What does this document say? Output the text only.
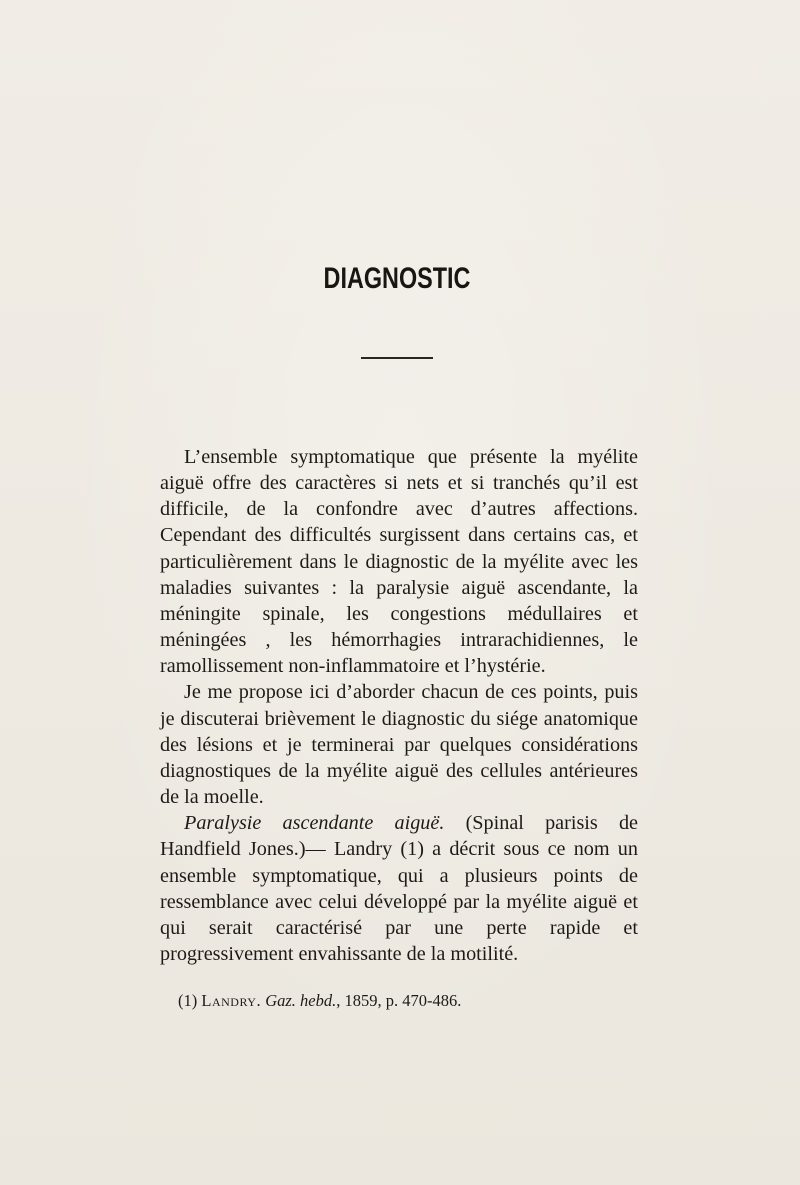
DIAGNOSTIC

L’ensemble symptomatique que présente la myélite aiguë offre des caractères si nets et si tranchés qu’il est difficile, de la confondre avec d’autres affections. Cependant des difficultés surgissent dans certains cas, et particulièrement dans le diagnostic de la myélite avec les maladies suivantes : la paralysie aiguë ascendante, la méningite spinale, les congestions médullaires et méningées , les hémorrhagies intrarachidiennes, le ramollissement non-inflammatoire et l’hystérie.

Je me propose ici d’aborder chacun de ces points, puis je discuterai brièvement le diagnostic du siége anatomique des lésions et je terminerai par quelques considérations diagnostiques de la myélite aiguë des cellules antérieures de la moelle.

Paralysie ascendante aiguë. (Spinal parisis de Handfield Jones.)— Landry (1) a décrit sous ce nom un ensemble symptomatique, qui a plusieurs points de ressemblance avec celui développé par la myélite aiguë et qui serait caractérisé par une perte rapide et progressivement envahissante de la motilité.

(1) Landry. Gaz. hebd., 1859, p. 470-486.
